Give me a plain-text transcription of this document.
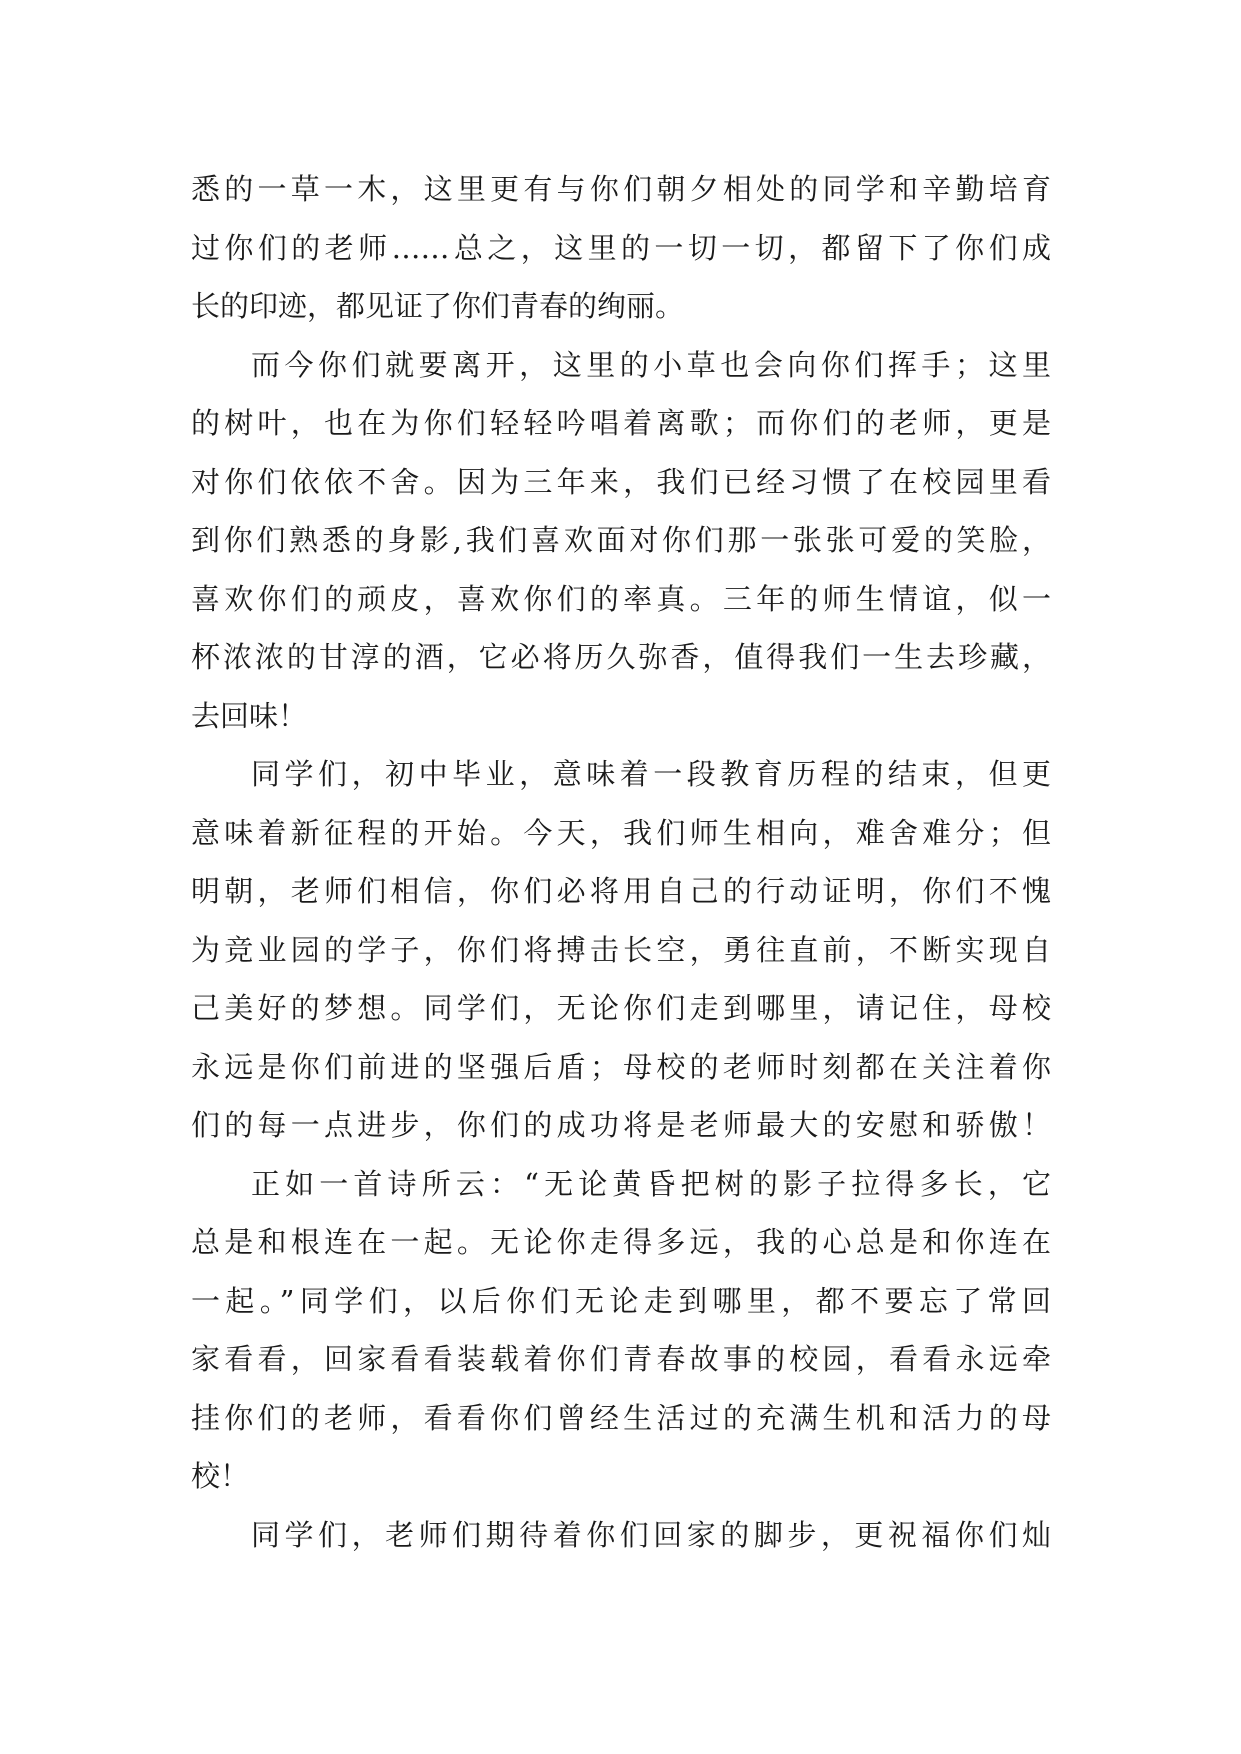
悉的一草一木，这里更有与你们朝夕相处的同学和辛勤培育
过你们的老师……总之，这里的一切一切，都留下了你们成
长的印迹，都见证了你们青春的绚丽。
而今你们就要离开，这里的小草也会向你们挥手；这里
的树叶，也在为你们轻轻吟唱着离歌；而你们的老师，更是
对你们依依不舍。因为三年来，我们已经习惯了在校园里看
到你们熟悉的身影,我们喜欢面对你们那一张张可爱的笑脸，
喜欢你们的顽皮，喜欢你们的率真。三年的师生情谊，似一
杯浓浓的甘淳的酒，它必将历久弥香，值得我们一生去珍藏，
去回味！
同学们，初中毕业，意味着一段教育历程的结束，但更
意味着新征程的开始。今天，我们师生相向，难舍难分；但
明朝，老师们相信，你们必将用自己的行动证明，你们不愧
为竞业园的学子，你们将搏击长空，勇往直前，不断实现自
己美好的梦想。同学们，无论你们走到哪里，请记住，母校
永远是你们前进的坚强后盾；母校的老师时刻都在关注着你
们的每一点进步，你们的成功将是老师最大的安慰和骄傲！
正如一首诗所云：“无论黄昏把树的影子拉得多长，它
总是和根连在一起。无论你走得多远，我的心总是和你连在
一起。”同学们，以后你们无论走到哪里，都不要忘了常回
家看看，回家看看装载着你们青春故事的校园，看看永远牵
挂你们的老师，看看你们曾经生活过的充满生机和活力的母
校！
同学们，老师们期待着你们回家的脚步，更祝福你们灿
